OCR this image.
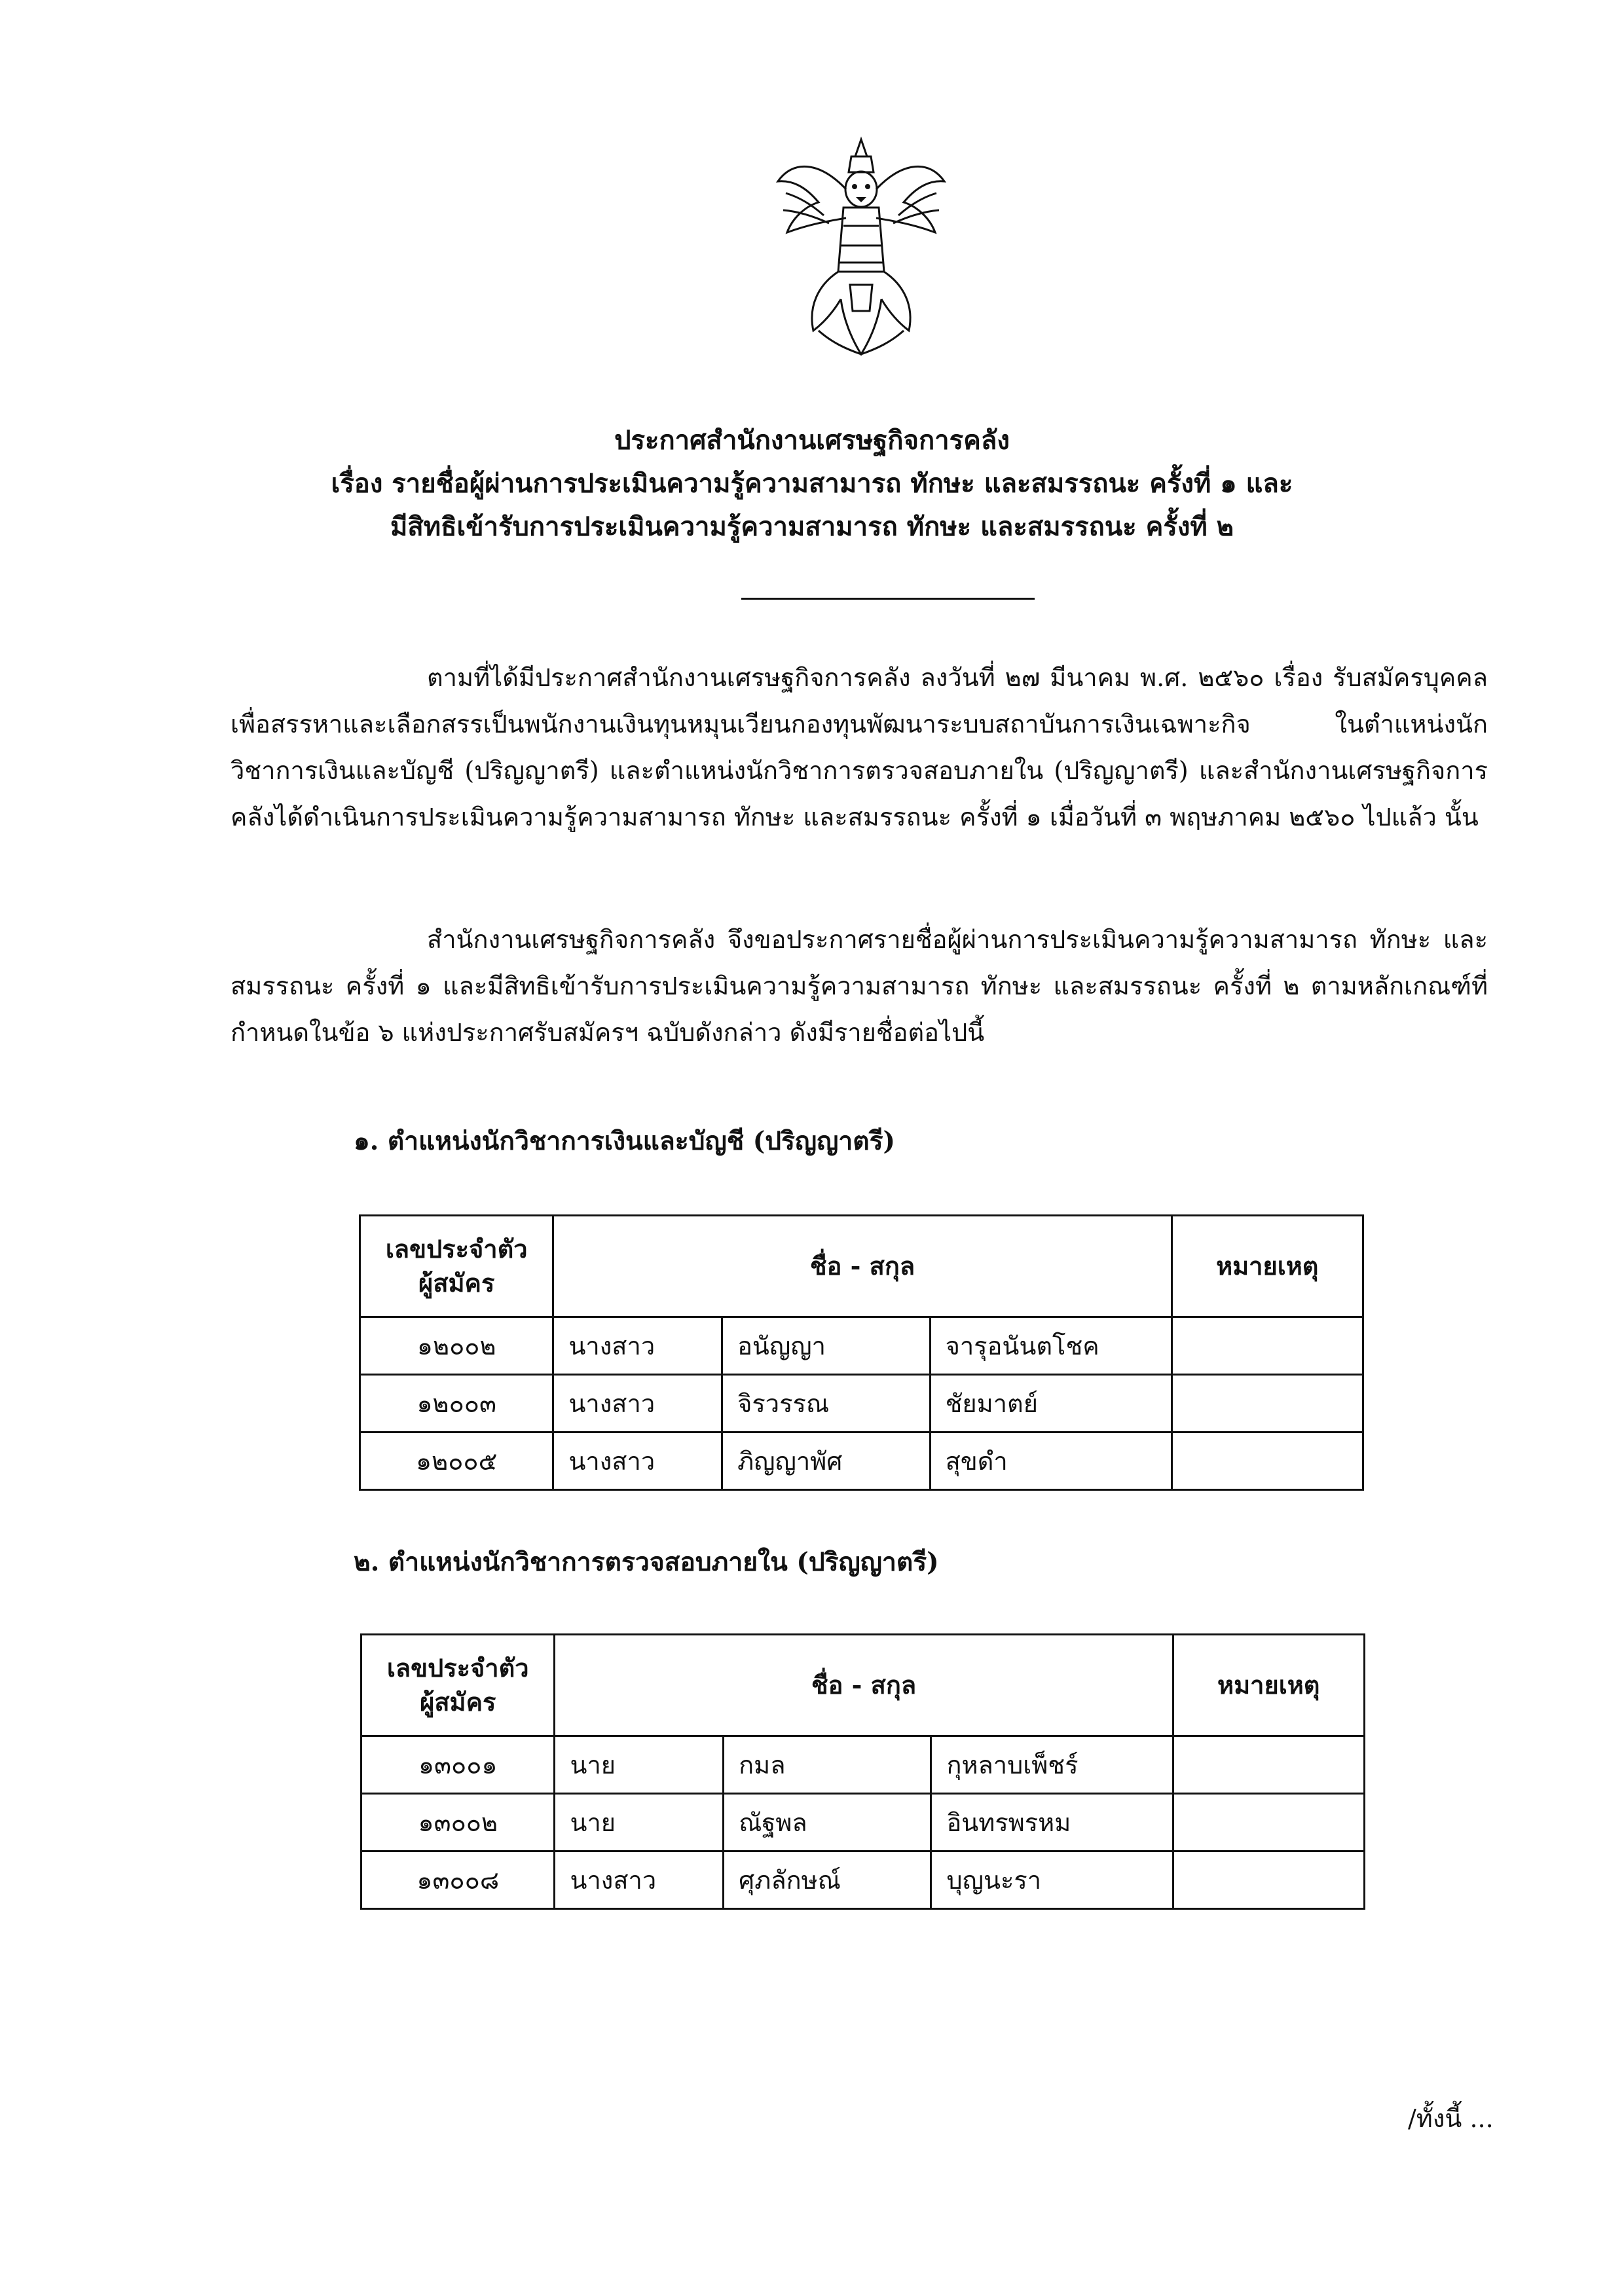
ประกาศสำนักงานเศรษฐกิจการคลัง
เรื่อง รายชื่อผู้ผ่านการประเมินความรู้ความสามารถ ทักษะ และสมรรถนะ ครั้งที่ ๑ และ
มีสิทธิเข้ารับการประเมินความรู้ความสามารถ ทักษะ และสมรรถนะ ครั้งที่ ๒

ตามที่ได้มีประกาศสำนักงานเศรษฐกิจการคลัง ลงวันที่ ๒๗ มีนาคม พ.ศ. ๒๕๖๐ เรื่อง รับสมัครบุคคลเพื่อสรรหาและเลือกสรรเป็นพนักงานเงินทุนหมุนเวียนกองทุนพัฒนาระบบสถาบันการเงินเฉพาะกิจ ในตำแหน่งนักวิชาการเงินและบัญชี (ปริญญาตรี) และตำแหน่งนักวิชาการตรวจสอบภายใน (ปริญญาตรี) และสำนักงานเศรษฐกิจการคลังได้ดำเนินการประเมินความรู้ความสามารถ ทักษะ และสมรรถนะ ครั้งที่ ๑ เมื่อวันที่ ๓ พฤษภาคม ๒๕๖๐ ไปแล้ว นั้น

สำนักงานเศรษฐกิจการคลัง จึงขอประกาศรายชื่อผู้ผ่านการประเมินความรู้ความสามารถ ทักษะ และสมรรถนะ ครั้งที่ ๑ และมีสิทธิเข้ารับการประเมินความรู้ความสามารถ ทักษะ และสมรรถนะ ครั้งที่ ๒ ตามหลักเกณฑ์ที่กำหนดในข้อ ๖ แห่งประกาศรับสมัครฯ ฉบับดังกล่าว ดังมีรายชื่อต่อไปนี้

๑. ตำแหน่งนักวิชาการเงินและบัญชี (ปริญญาตรี)
เลขประจำตัว
ผู้สมัคร	ชื่อ - สกุล			หมายเหตุ
๑๒๐๐๒	นางสาว	อนัญญา	จารุอนันตโชค	
๑๒๐๐๓	นางสาว	จิรวรรณ	ชัยมาตย์	
๑๒๐๐๕	นางสาว	ภิญญาพัศ	สุขดำ	
๒. ตำแหน่งนักวิชาการตรวจสอบภายใน (ปริญญาตรี)
เลขประจำตัว
ผู้สมัคร	ชื่อ - สกุล			หมายเหตุ
๑๓๐๐๑	นาย	กมล	กุหลาบเพ็ชร์	
๑๓๐๐๒	นาย	ณัฐพล	อินทรพรหม	
๑๓๐๐๘	นางสาว	ศุภลักษณ์	บุญนะรา	
/ทั้งนี้ ...
